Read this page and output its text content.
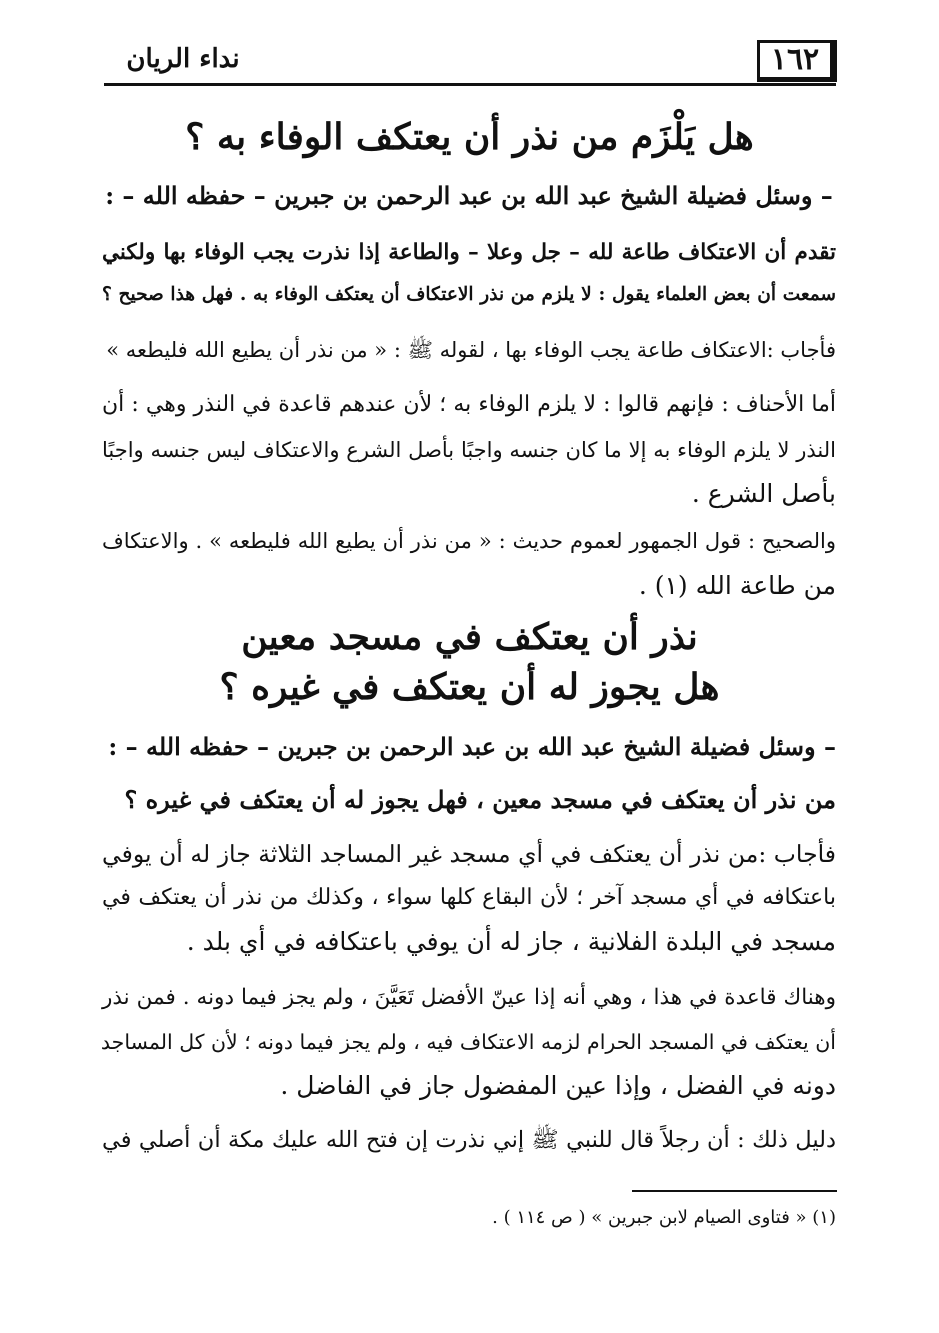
١٦٢
نداء الريان
هل يَلْزَم من نذر أن يعتكف الوفاء به ؟
– وسئل فضيلة الشيخ عبد الله بن عبد الرحمن بن جبرين – حفظه الله – :
تقدم أن الاعتكاف طاعة لله – جل وعلا – والطاعة إذا نذرت يجب الوفاء بها ولكني
سمعت أن بعض العلماء يقول : لا يلزم من نذر الاعتكاف أن يعتكف الوفاء به . فهل هذا صحيح ؟
فأجاب :الاعتكاف طاعة يجب الوفاء بها ، لقوله ﷺ : « من نذر أن يطيع الله فليطعه »
أما الأحناف : فإنهم قالوا : لا يلزم الوفاء به ؛ لأن عندهم قاعدة في النذر وهي : أن
النذر لا يلزم الوفاء به إلا ما كان جنسه واجبًا بأصل الشرع والاعتكاف ليس جنسه واجبًا
بأصل الشرع .
والصحيح : قول الجمهور لعموم حديث : « من نذر أن يطيع الله فليطعه » . والاعتكاف
من طاعة الله (١) .
نذر أن يعتكف في مسجد معين
هل يجوز له أن يعتكف في غيره ؟
– وسئل فضيلة الشيخ عبد الله بن عبد الرحمن بن جبرين – حفظه الله – :
من نذر أن يعتكف في مسجد معين ، فهل يجوز له أن يعتكف في غيره ؟
فأجاب :من نذر أن يعتكف في أي مسجد غير المساجد الثلاثة جاز له أن يوفي
باعتكافه في أي مسجد آخر ؛ لأن البقاع كلها سواء ، وكذلك من نذر أن يعتكف في
مسجد في البلدة الفلانية ، جاز له أن يوفي باعتكافه في أي بلد .
وهناك قاعدة في هذا ، وهي أنه إذا عينّ الأفضل تَعَيَّنَ ، ولم يجز فيما دونه . فمن نذر
أن يعتكف في المسجد الحرام لزمه الاعتكاف فيه ، ولم يجز فيما دونه ؛ لأن كل المساجد
دونه في الفضل ، وإذا عين المفضول جاز في الفاضل .
دليل ذلك : أن رجلاً قال للنبي ﷺ إني نذرت إن فتح الله عليك مكة أن أصلي في
(١) « فتاوى الصيام لابن جبرين » ( ص ١١٤ ) .
